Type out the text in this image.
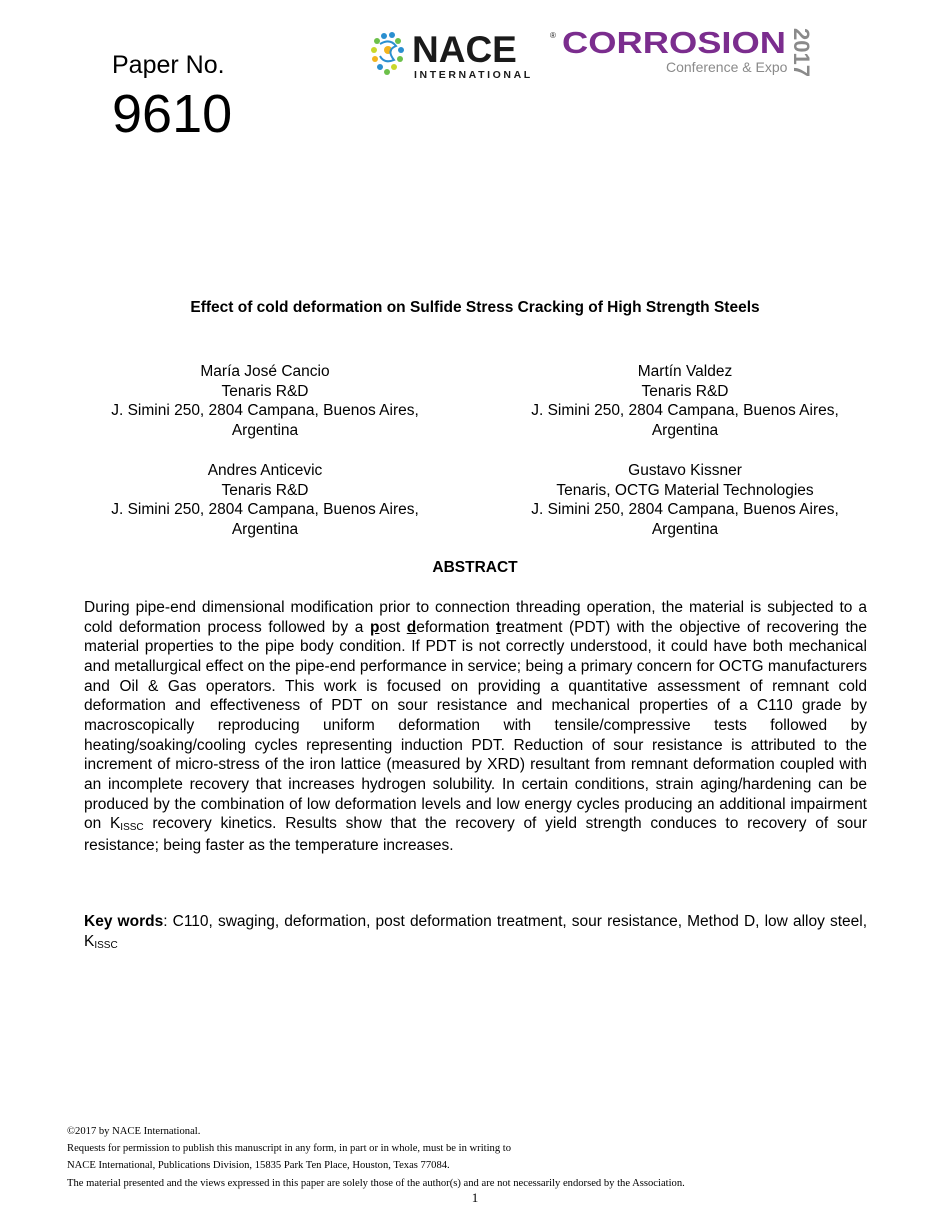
Paper No.
9610
NACE	®
INTERNATIONAL
CORROSION
Conference & Expo 2017
Effect of cold deformation on Sulfide Stress Cracking of High Strength Steels
María José Cancio
Tenaris R&D
J. Simini 250, 2804 Campana, Buenos Aires,
Argentina
Martín Valdez
Tenaris R&D
J. Simini 250, 2804 Campana, Buenos Aires,
Argentina
Andres Anticevic
Tenaris R&D
J. Simini 250, 2804 Campana, Buenos Aires,
Argentina
Gustavo Kissner
Tenaris, OCTG Material Technologies
J. Simini 250, 2804 Campana, Buenos Aires,
Argentina
ABSTRACT
During pipe-end dimensional modification prior to connection threading operation, the material is subjected to a cold deformation process followed by a post deformation treatment (PDT) with the objective of recovering the material properties to the pipe body condition. If PDT is not correctly understood, it could have both mechanical and metallurgical effect on the pipe-end performance in service; being a primary concern for OCTG manufacturers and Oil & Gas operators. This work is focused on providing a quantitative assessment of remnant cold deformation and effectiveness of PDT on sour resistance and mechanical properties of a C110 grade by macroscopically reproducing uniform deformation with tensile/compressive tests followed by heating/soaking/cooling cycles representing induction PDT. Reduction of sour resistance is attributed to the increment of micro-stress of the iron lattice (measured by XRD) resultant from remnant deformation coupled with an incomplete recovery that increases hydrogen solubility. In certain conditions, strain aging/hardening can be produced by the combination of low deformation levels and low energy cycles producing an additional impairment on $K_{ISSC}$ recovery kinetics. Results show that the recovery of yield strength conduces to recovery of sour resistance; being faster as the temperature increases.
Key words: C110, swaging, deformation, post deformation treatment, sour resistance, Method D, low alloy steel, $K_{ISSC}$
©2017 by NACE International.
Requests for permission to publish this manuscript in any form, in part or in whole, must be in writing to
NACE International, Publications Division, 15835 Park Ten Place, Houston, Texas 77084.
The material presented and the views expressed in this paper are solely those of the author(s) and are not necessarily endorsed by the Association.
1
